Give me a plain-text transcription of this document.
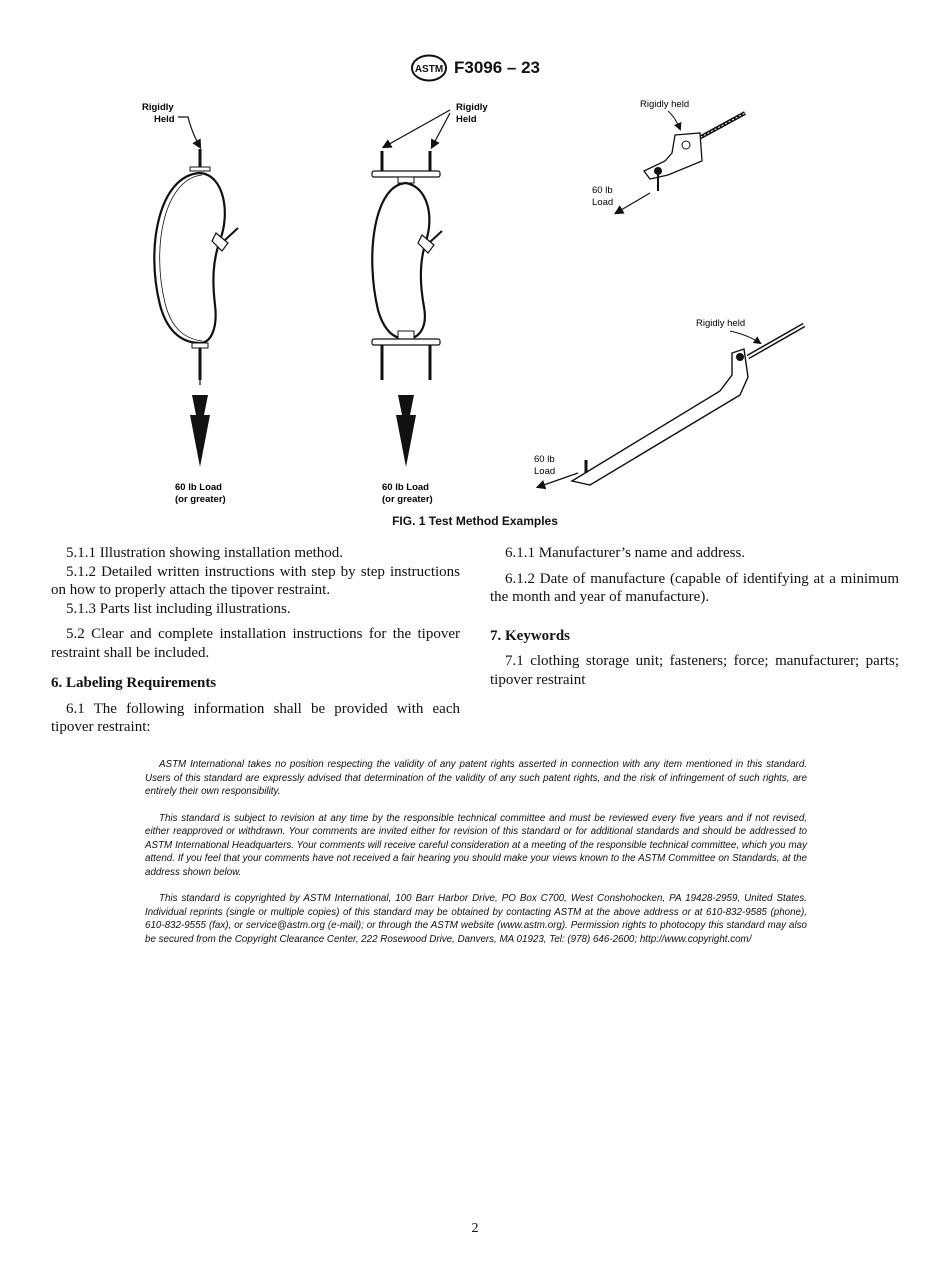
ASTM F3096 – 23
Rigidly
Held
60 lb Load
(or greater)
Rigidly
Held
60 lb Load
(or greater)
Rigidly held
60 lb
Load
Rigidly held
60 lb
Load
FIG. 1 Test Method Examples

5.1.1 Illustration showing installation method.

5.1.2 Detailed written instructions with step by step instructions on how to properly attach the tipover restraint.

5.1.3 Parts list including illustrations.

5.2 Clear and complete installation instructions for the tipover restraint shall be included.

6. Labeling Requirements

6.1 The following information shall be provided with each tipover restraint:

6.1.1 Manufacturer’s name and address.

6.1.2 Date of manufacture (capable of identifying at a minimum the month and year of manufacture).

7. Keywords

7.1 clothing storage unit; fasteners; force; manufacturer; parts; tipover restraint

ASTM International takes no position respecting the validity of any patent rights asserted in connection with any item mentioned in this standard. Users of this standard are expressly advised that determination of the validity of any such patent rights, and the risk of infringement of such rights, are entirely their own responsibility.

This standard is subject to revision at any time by the responsible technical committee and must be reviewed every five years and if not revised, either reapproved or withdrawn. Your comments are invited either for revision of this standard or for additional standards and should be addressed to ASTM International Headquarters. Your comments will receive careful consideration at a meeting of the responsible technical committee, which you may attend. If you feel that your comments have not received a fair hearing you should make your views known to the ASTM Committee on Standards, at the address shown below.

This standard is copyrighted by ASTM International, 100 Barr Harbor Drive, PO Box C700, West Conshohocken, PA 19428-2959, United States. Individual reprints (single or multiple copies) of this standard may be obtained by contacting ASTM at the above address or at 610-832-9585 (phone), 610-832-9555 (fax), or service@astm.org (e-mail); or through the ASTM website (www.astm.org). Permission rights to photocopy this standard may also be secured from the Copyright Clearance Center, 222 Rosewood Drive, Danvers, MA 01923, Tel: (978) 646-2600; http://www.copyright.com/

2
